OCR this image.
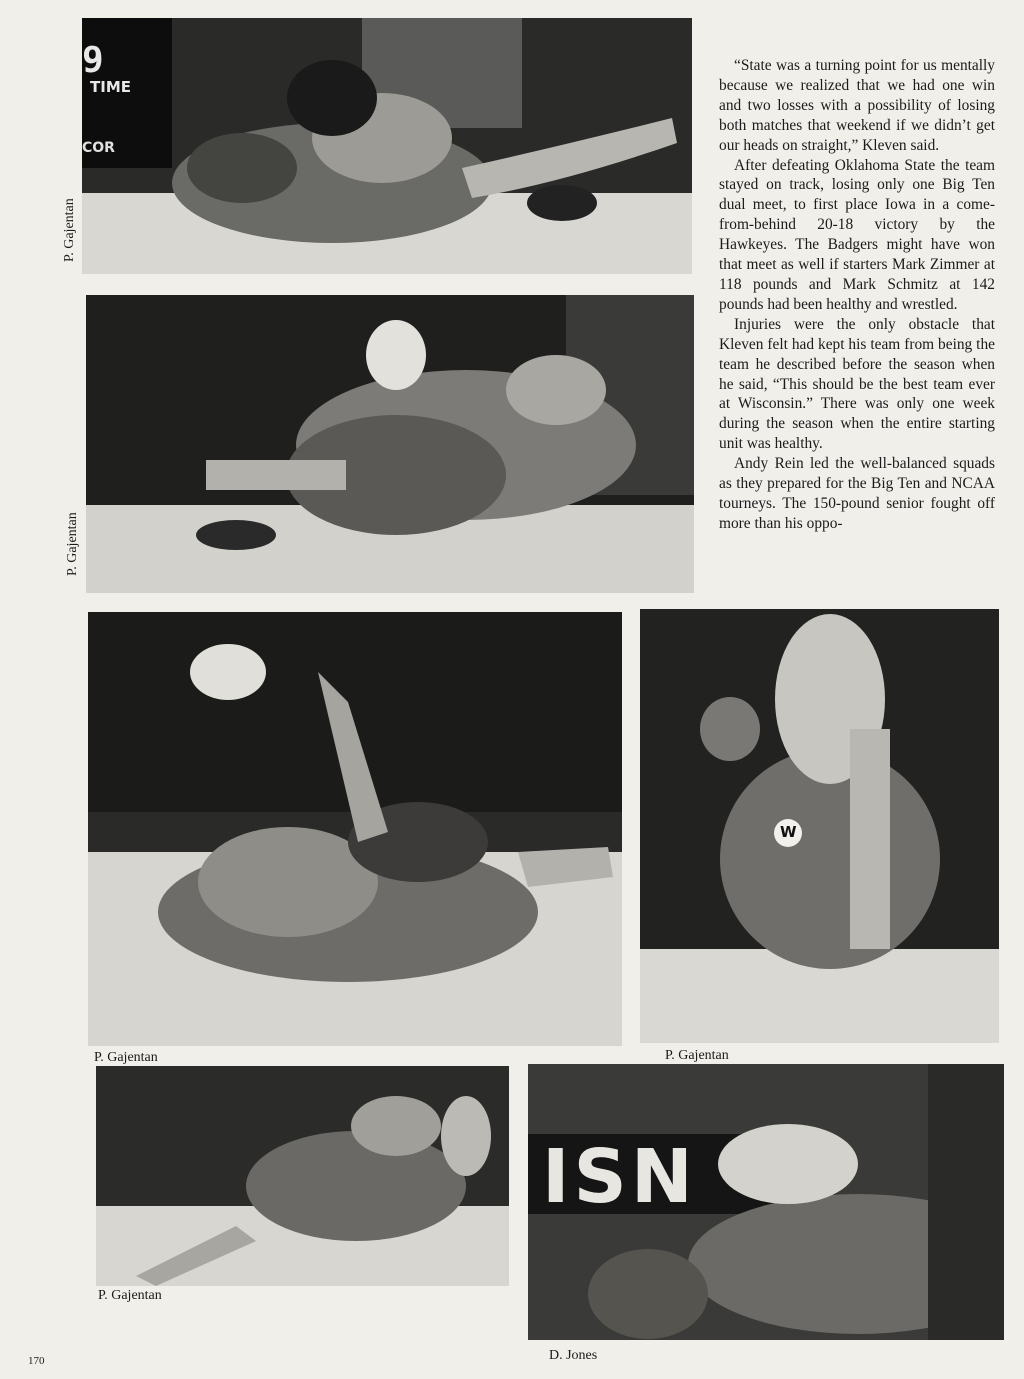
9
TIME
COR
P. Gajentan
P. Gajentan

“State was a turning point for us mentally because we realized that we had one win and two losses with a possibility of losing both matches that weekend if we didn’t get our heads on straight,” Kleven said.

After defeating Oklahoma State the team stayed on track, losing only one Big Ten dual meet, to first place Iowa in a come-from-behind 20-18 victory by the Hawkeyes. The Badgers might have won that meet as well if starters Mark Zimmer at 118 pounds and Mark Schmitz at 142 pounds had been healthy and wrestled.

Injuries were the only obstacle that Kleven felt had kept his team from being the team he described before the season when he said, “This should be the best team ever at Wisconsin.” There was only one week during the season when the entire starting unit was healthy.

Andy Rein led the well-balanced squads as they prepared for the Big Ten and NCAA tourneys. The 150-pound senior fought off more than his oppo-

P. Gajentan
W
P. Gajentan
P. Gajentan
ISN
D. Jones
170
